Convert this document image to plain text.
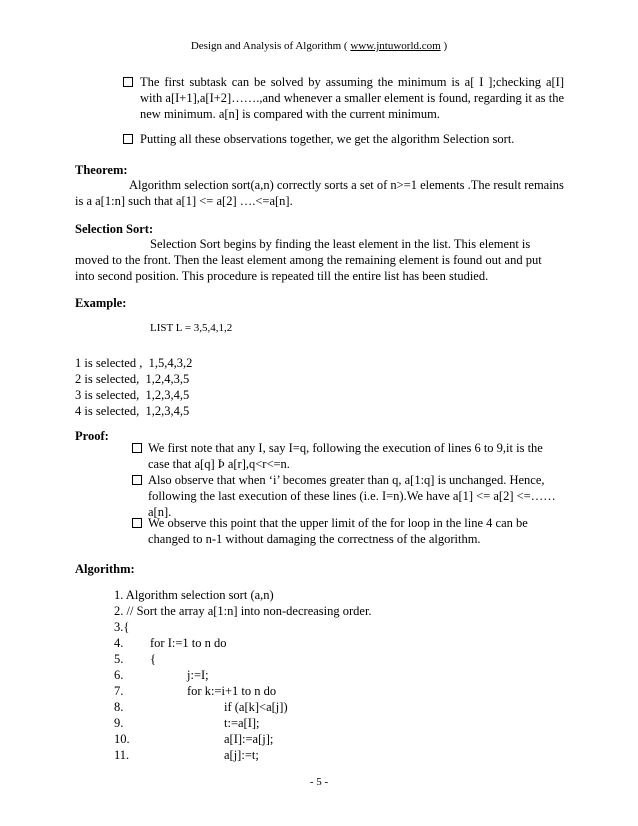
Design and Analysis of Algorithm ( www.jntuworld.com )
The first subtask can be solved by assuming the minimum is a[ I ];checking a[I] with a[I+1],a[I+2]…….,and whenever a smaller element is found, regarding it as the new minimum. a[n] is compared with the current minimum.
Putting all these observations together, we get the algorithm Selection sort.
Theorem:
Algorithm selection sort(a,n) correctly sorts a set of n>=1 elements .The result remains
is a a[1:n] such that a[1] <= a[2] ….<=a[n].
Selection Sort:
Selection Sort begins by finding the least element in the list. This element is
moved to the front. Then the least element among the remaining element is found out and put
into second position. This procedure is repeated till the entire list has been studied.
Example:
LIST L = 3,5,4,1,2
1 is selected ,  1,5,4,3,2
2 is selected,  1,2,4,3,5
3 is selected,  1,2,3,4,5
4 is selected,  1,2,3,4,5
Proof:
We first note that any I, say I=q, following the execution of lines 6 to 9,it is the
case that a[q] Þ a[r],q<r<=n.
Also observe that when ‘i’ becomes greater than q, a[1:q] is unchanged. Hence,
following the last execution of these lines (i.e. I=n).We have a[1] <= a[2] <=……
a[n].
We observe this point that the upper limit of the for loop in the line 4 can be
changed to n-1 without damaging the correctness of the algorithm.
Algorithm:
1. Algorithm selection sort (a,n)
2. // Sort the array a[1:n] into non-decreasing order.
3.{
4. for I:=1 to n do
5. {
6.	j:=I;
7.	for k:=i+1 to n do
8.	if (a[k]<a[j])
9.	t:=a[I];
10.	a[I]:=a[j];
11.	a[j]:=t;
- 5 -
